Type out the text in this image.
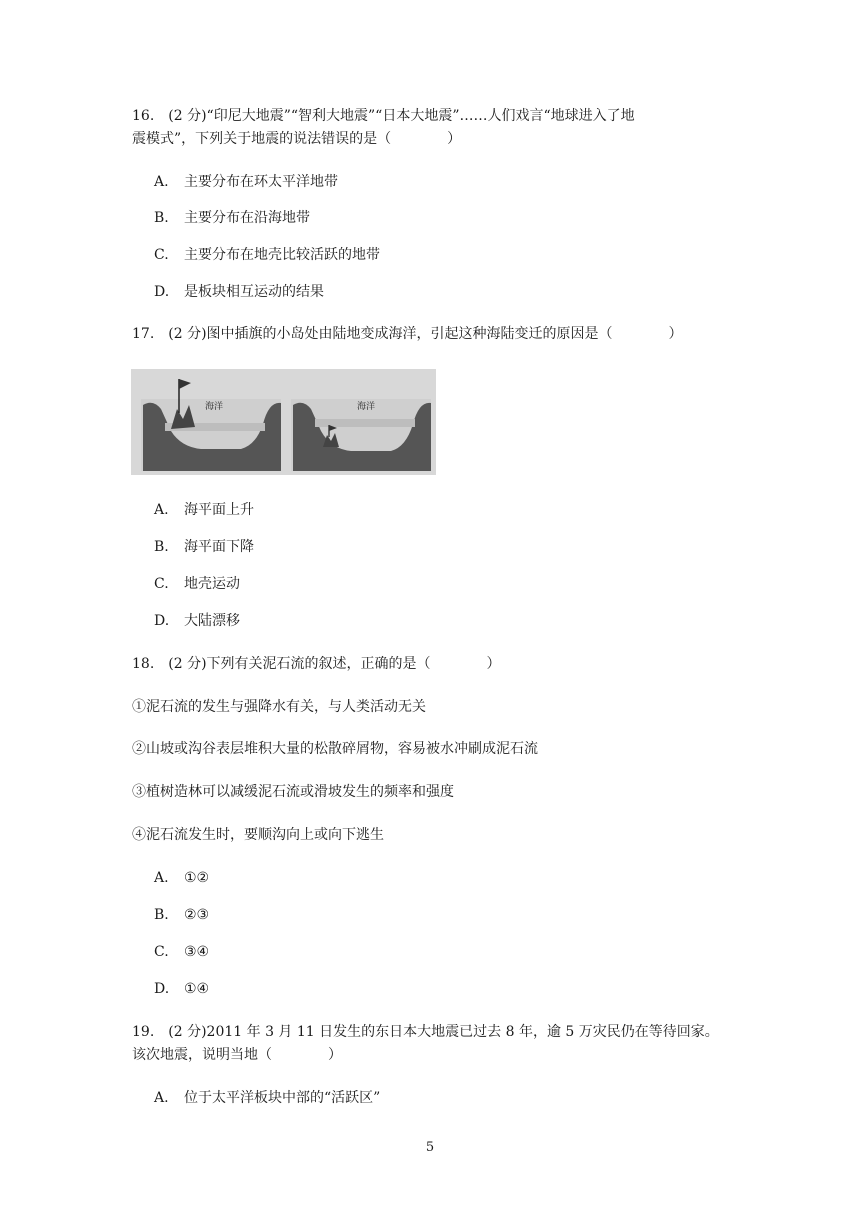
16.　(2 分)“印尼大地震”“智利大地震”“日本大地震”……人们戏言“地球进入了地
震模式”，下列关于地震的说法错误的是（　　　　）
A. 主要分布在环太平洋地带
B. 主要分布在沿海地带
C. 主要分布在地壳比较活跃的地带
D. 是板块相互运动的结果
17.　(2 分)图中插旗的小岛处由陆地变成海洋，引起这种海陆变迁的原因是（　　　　）
海洋	海洋
A. 海平面上升
B. 海平面下降
C. 地壳运动
D. 大陆漂移
18.　(2 分)下列有关泥石流的叙述，正确的是（　　　　）
①泥石流的发生与强降水有关，与人类活动无关
②山坡或沟谷表层堆积大量的松散碎屑物，容易被水冲刷成泥石流
③植树造林可以减缓泥石流或滑坡发生的频率和强度
④泥石流发生时，要顺沟向上或向下逃生
A. ①②
B. ②③
C. ③④
D. ①④
19.　(2 分)2011 年 3 月 11 日发生的东日本大地震已过去 8 年，逾 5 万灾民仍在等待回家。
该次地震，说明当地（　　　　）
A. 位于太平洋板块中部的“活跃区”
5
